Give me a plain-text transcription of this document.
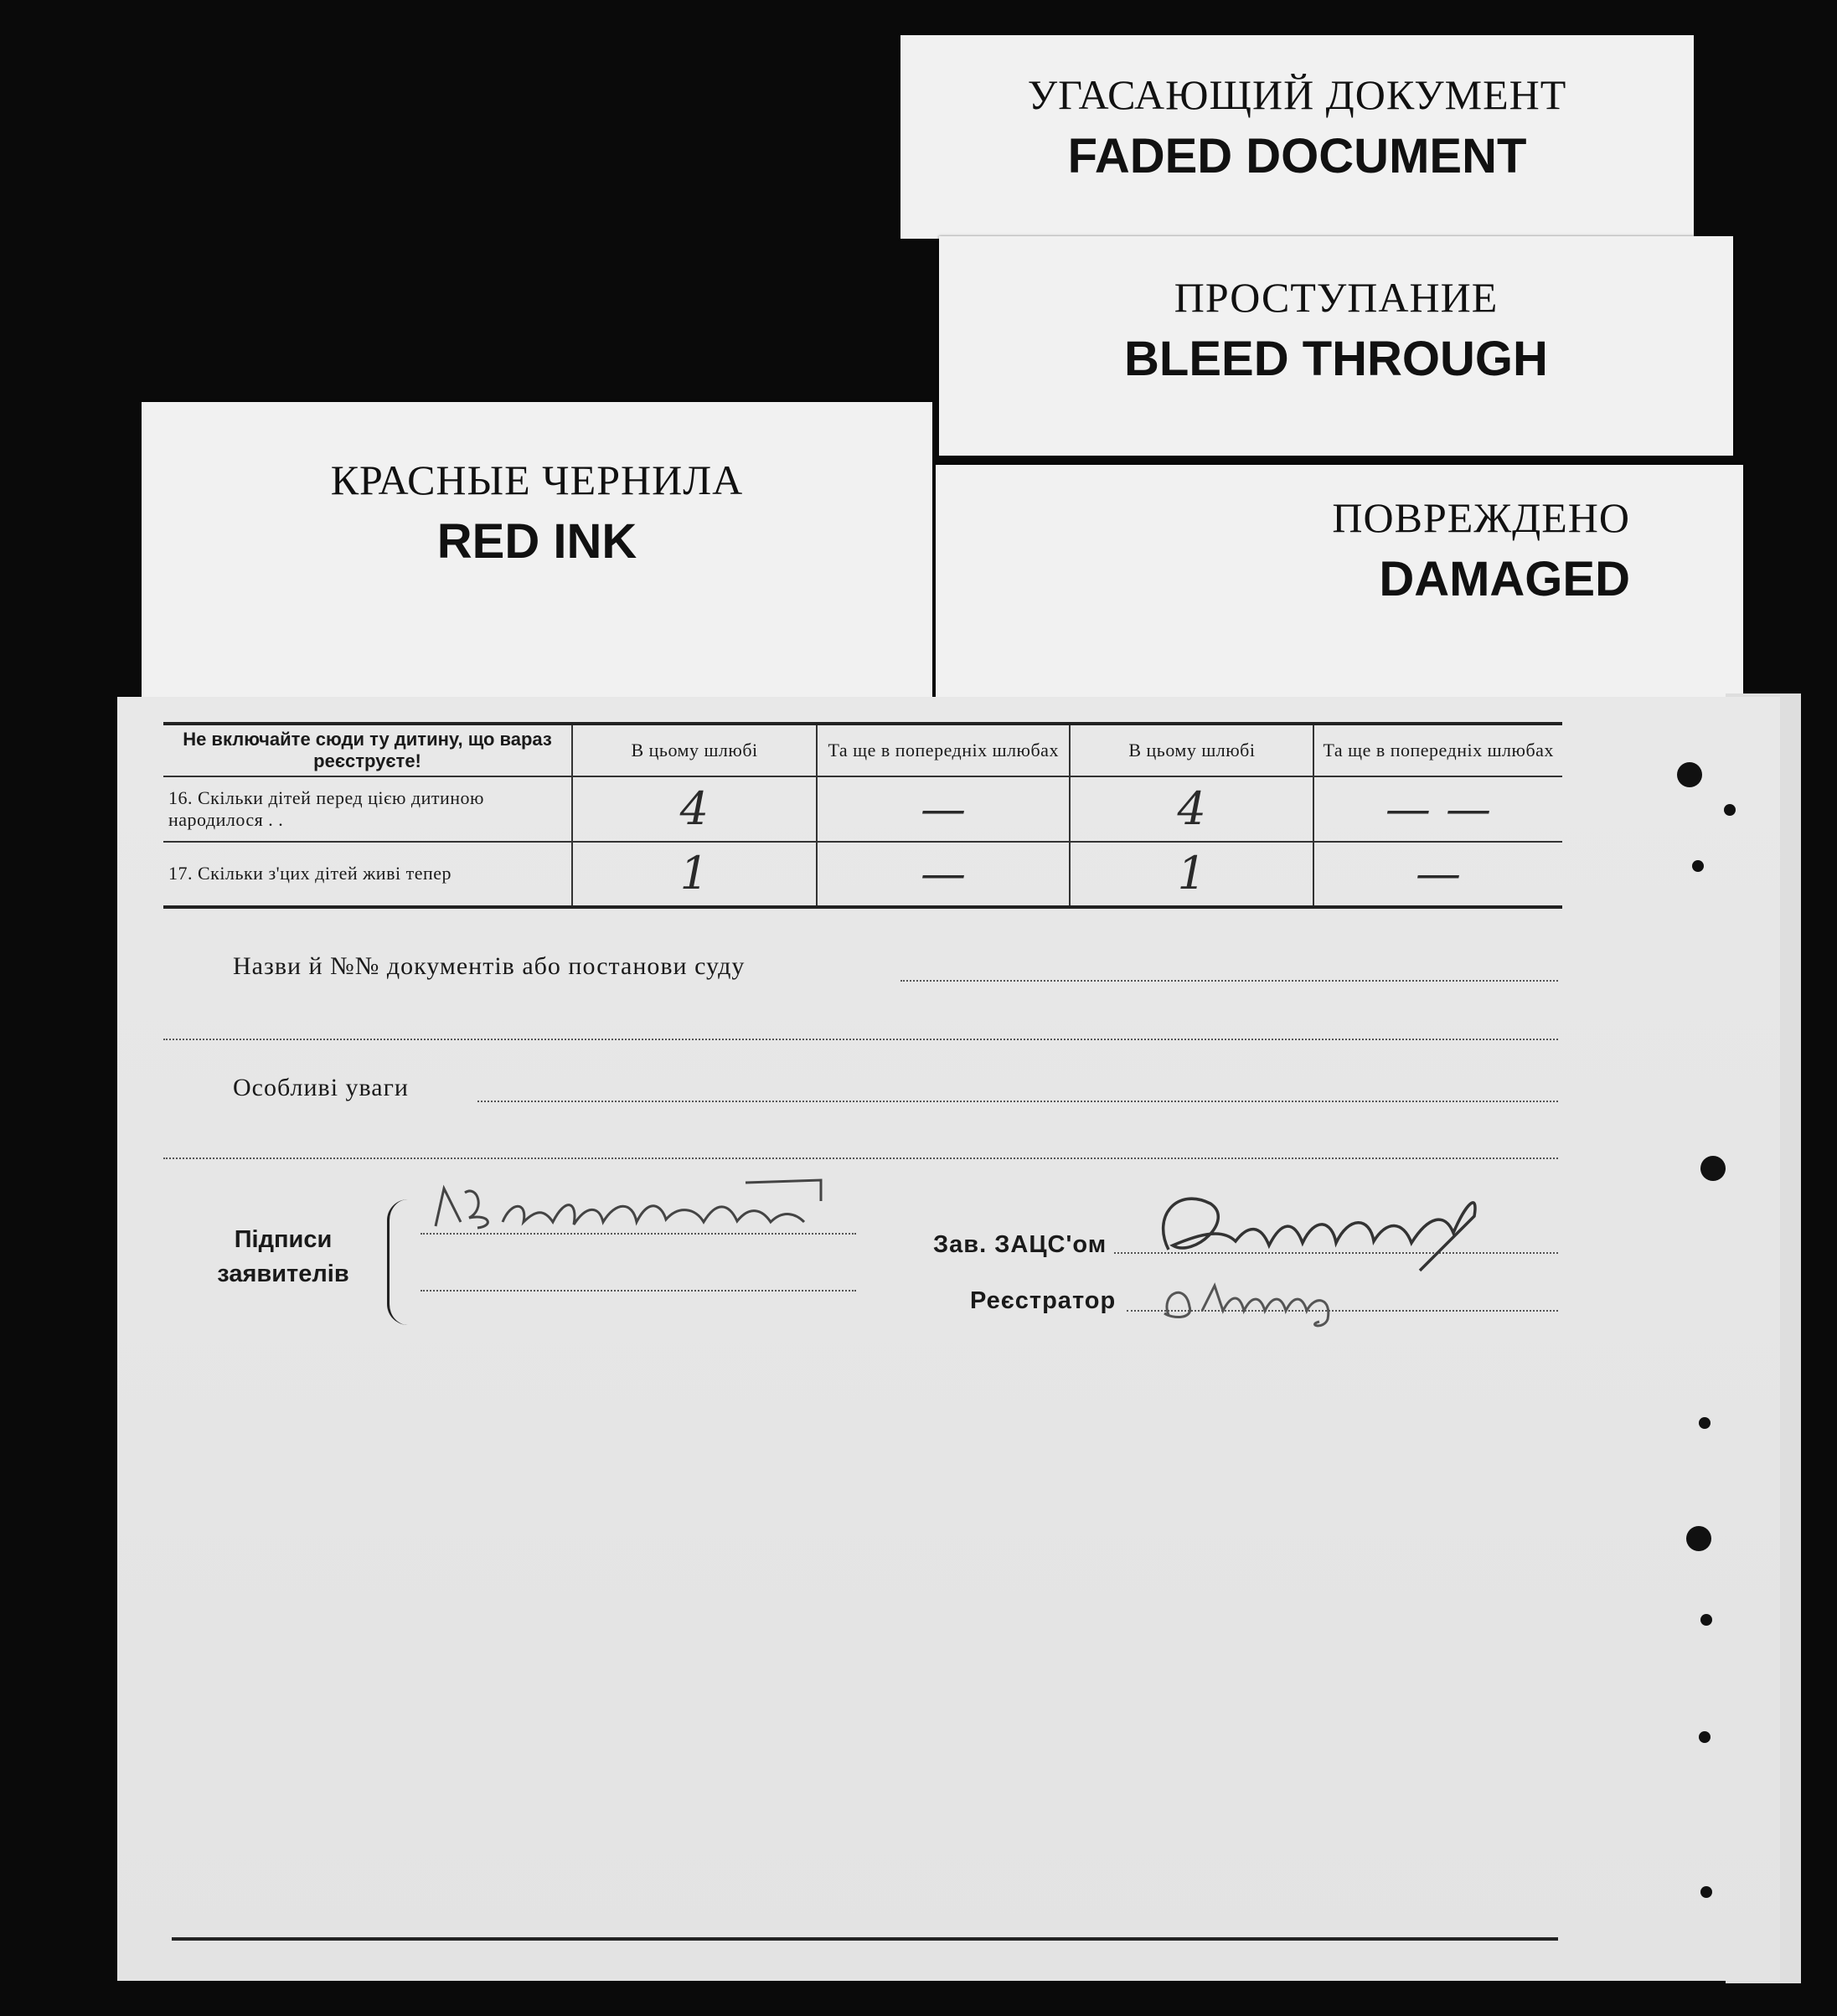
УГАСАЮЩИЙ ДОКУМЕНТ
FADED DOCUMENT
ПРОСТУПАНИЕ
BLEED THROUGH
КРАСНЫЕ ЧЕРНИЛА
RED INK	ПОВРЕЖДЕНО
DAMAGED
Не включайте сюди ту дитину, що вараз реєструєте!	В цьому шлюбі	Та ще в попередніх шлюбах	В цьому шлюбі	Та ще в попередніх шлюбах
16. Скільки дітей перед цією дитиною народилося . .	4	—	4	— —
17. Скільки з'цих дітей живі тепер	1	—	1	—
Назви й №№ документів або постанови суду
Особливі уваги
Підписи заявителів
Зав. ЗАЦС'ом
Реєстратор
